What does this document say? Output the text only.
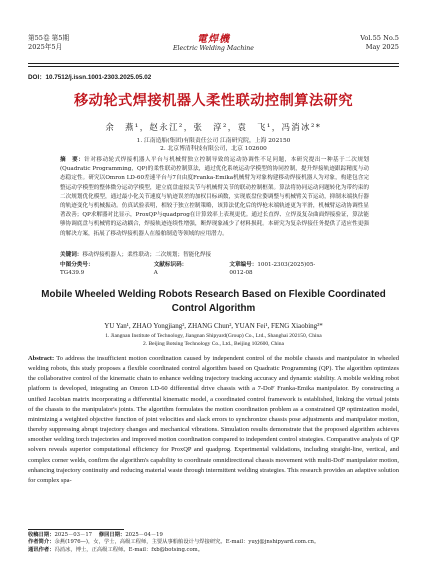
第55卷 第5期
2025年5月
電焊機
Electric Welding Machine
Vol.55 No.5
May 2025
DOI：10.7512/j.issn.1001-2303.2025.05.02
移动轮式焊接机器人柔性联动控制算法研究
余　燕¹，赵永江²，张　淳²，袁　飞¹，冯消冰²*
1. 江南造船(集团)有限责任公司 江南研究院，上海 202150
2. 北京博清科技有限公司，北京 102600
摘　要：针对移动轮式焊接机器人平台与机械臂独立控制导致的运动协调性不足问题，本研究提出一种基于二次规划(Quadratic Programming，QP)的柔性联动控制算法，通过优化系统运动学模型的协同控制，提升焊接轨迹跟踪精度与动态稳定性。研究以Omron LD-60差速平台与7自由度Franka-Emika机械臂为对象构建移动焊接机器人为对象，构建包含完整运动学模型的整体微分运动学模型，建立底盘虚拟关节与机械臂关节的联动控制框架。算法将协同运动问题转化为带约束的二次规划优化模型，通过最小化关节速度与轨迹误差的加权目标函数，实现底盘位姿调整与机械臂关节运动，抑制末端执行器的轨迹变化与机械振动。仿真试验表明，相较于独立控制策略，该算法优化后的焊枪末端轨迹更为平滑，机械臂运动协调性显著改善；QP求解器对比显示，ProxQP与quadprog在计算效率上表现更优。通过长直焊、立焊及复杂曲面焊接验证，算法能够协调底盘与机械臂的运动耦合，焊接轨迹连续性增强，断焊现象减少了材料损耗。本研究为复杂焊接任务提供了适应性更强的解决方案，拓展了移动焊接机器人在船舶制造等领域的应用潜力。
关键词：移动焊接机器人；柔性联动；二次规划；智能化焊接
中图分类号：TG439.9
文献标识码：A
文章编号：1001-2303(2025)05-0012-08
Mobile Wheeled Welding Robots Research Based on Flexible Coordinated Control Algorithm
YU Yan¹, ZHAO Yongjiang², ZHANG Chun², YUAN Fei¹, FENG Xiaobing²*
1. Jiangnan Institute of Technology, Jiangnan Shipyard(Group) Co., Ltd., Shanghai 202150, China
2. Beijing Botsing Technology Co., Ltd., Beijing 102600, China
Abstract: To address the insufficient motion coordination caused by independent control of the mobile chassis and manipulator in wheeled welding robots, this study proposes a flexible coordinated control algorithm based on Quadratic Programming (QP). The algorithm optimizes the collaborative control of the kinematic chain to enhance welding trajectory tracking accuracy and dynamic stability. A mobile welding robot platform is developed, integrating an Omron LD-60 differential drive chassis with a 7-DoF Franka-Emika manipulator. By constructing a unified Jacobian matrix incorporating a differential kinematic model, a coordinated control framework is established, linking the virtual joints of the chassis to the manipulator's joints. The algorithm formulates the motion coordination problem as a constrained QP optimization model, minimizing a weighted objective function of joint velocities and slack errors to synchronize chassis pose adjustments and manipulator motion, thereby suppressing abrupt trajectory changes and mechanical vibrations. Simulation results demonstrate that the proposed algorithm achieves smoother welding torch trajectories and improved motion coordination compared to independent control strategies. Comparative analysis of QP solvers reveals superior computational efficiency for ProxQP and quadprog. Experimental validations, including straight-line, vertical, and complex corner welds, confirm the algorithm's capability to coordinate omnidirectional chassis movement with multi-DoF manipulator motion, enhancing trajectory continuity and reducing material waste through intermittent welding strategies. This research provides an adaptive solution for complex spa-
收稿日期：2025－03－17 修回日期：2025－04－19
作者简介：余燕(1976—)，女，学士，高级工程师，主要从事船舶设计与焊接研究。E-mail：yuyj@jnshipyard.com.cn。
通讯作者：冯消冰，博士，正高级工程师。E-mail：fxb@botsing.com。
